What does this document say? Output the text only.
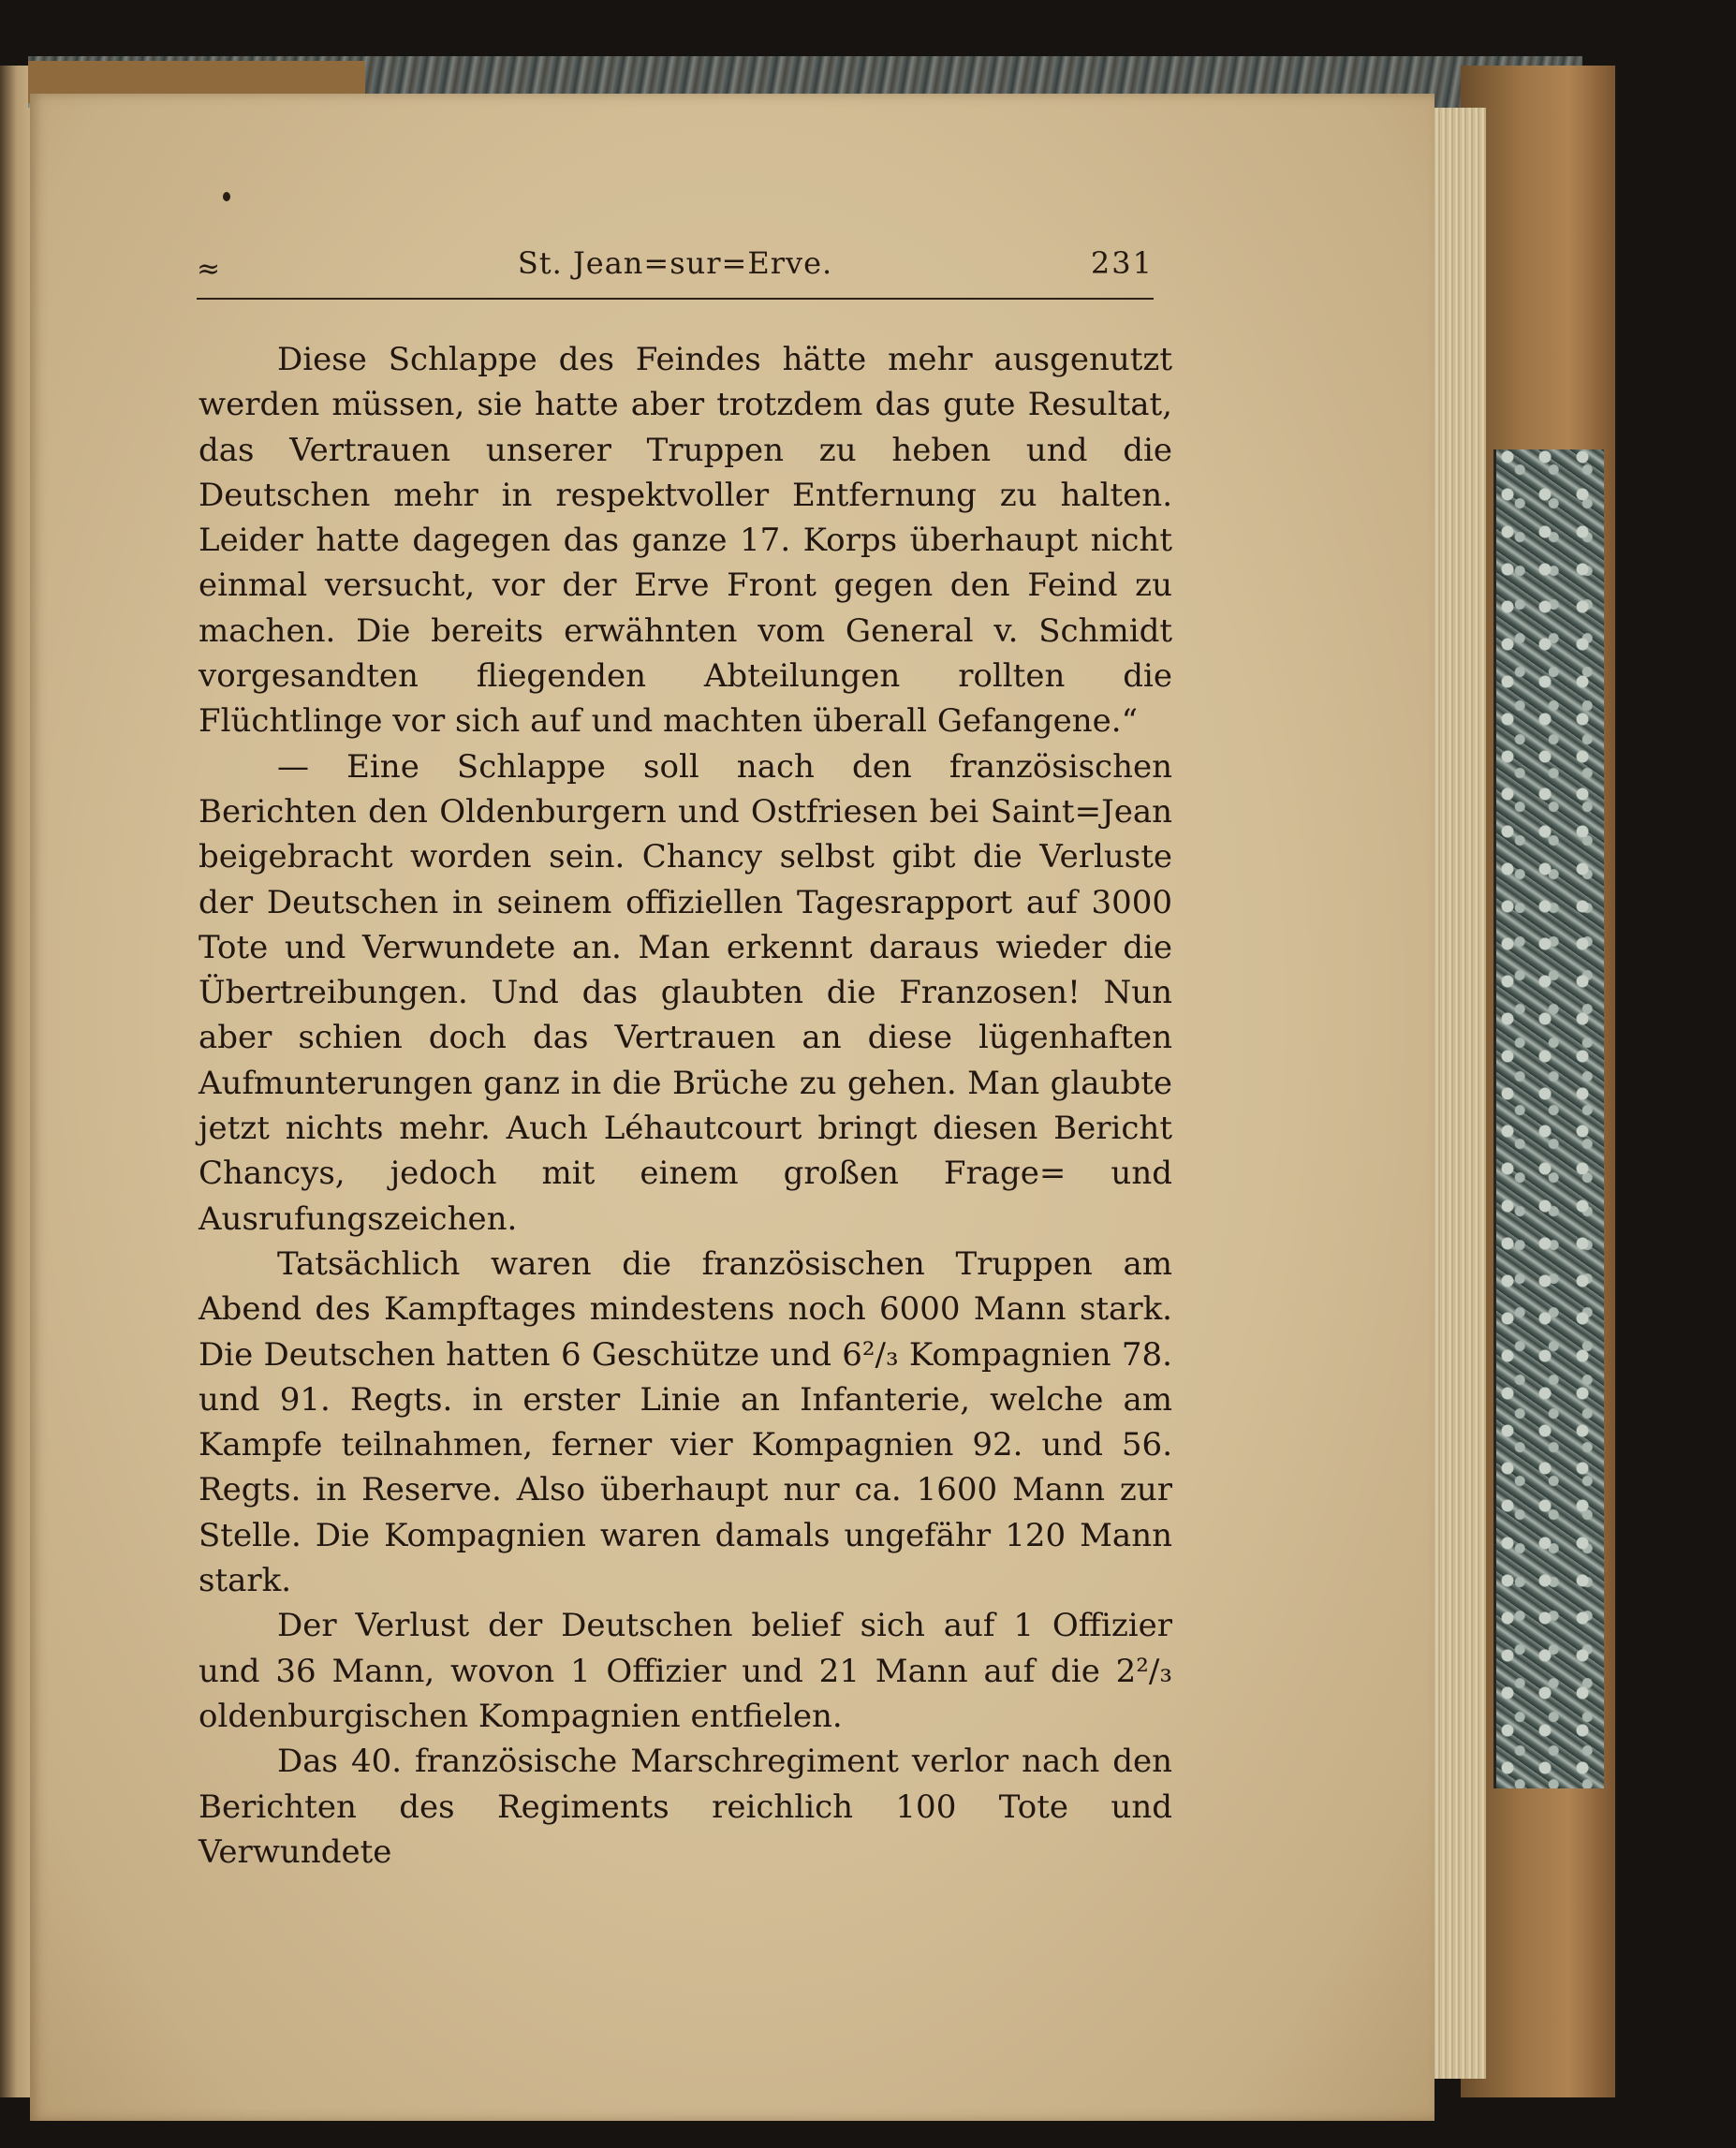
≈	St. Jean=sur=Erve.	231

Diese Schlappe des Feindes hätte mehr ausgenutzt werden müssen, sie hatte aber trotzdem das gute Resultat, das Vertrauen unserer Truppen zu heben und die Deutschen mehr in respektvoller Entfernung zu halten. Leider hatte dagegen das ganze 17. Korps überhaupt nicht einmal versucht, vor der Erve Front gegen den Feind zu machen. Die bereits erwähnten vom General v. Schmidt vorgesandten fliegenden Abteilungen rollten die Flüchtlinge vor sich auf und machten überall Gefangene.“

— Eine Schlappe soll nach den französischen Berichten den Oldenburgern und Ostfriesen bei Saint=Jean beigebracht worden sein. Chancy selbst gibt die Verluste der Deutschen in seinem offiziellen Tagesrapport auf 3000 Tote und Verwundete an. Man erkennt daraus wieder die Übertreibungen. Und das glaubten die Franzosen! Nun aber schien doch das Vertrauen an diese lügenhaften Aufmunterungen ganz in die Brüche zu gehen. Man glaubte jetzt nichts mehr. Auch Léhautcourt bringt diesen Bericht Chancys, jedoch mit einem großen Frage= und Ausrufungszeichen.

Tatsächlich waren die französischen Truppen am Abend des Kampftages mindestens noch 6000 Mann stark. Die Deutschen hatten 6 Geschütze und 6²/₃ Kompagnien 78. und 91. Regts. in erster Linie an Infanterie, welche am Kampfe teilnahmen, ferner vier Kompagnien 92. und 56. Regts. in Reserve. Also überhaupt nur ca. 1600 Mann zur Stelle. Die Kompagnien waren damals ungefähr 120 Mann stark.

Der Verlust der Deutschen belief sich auf 1 Offizier und 36 Mann, wovon 1 Offizier und 21 Mann auf die 2²/₃ oldenburgischen Kompagnien entfielen.

Das 40. französische Marschregiment verlor nach den Berichten des Regiments reichlich 100 Tote und Verwundete
